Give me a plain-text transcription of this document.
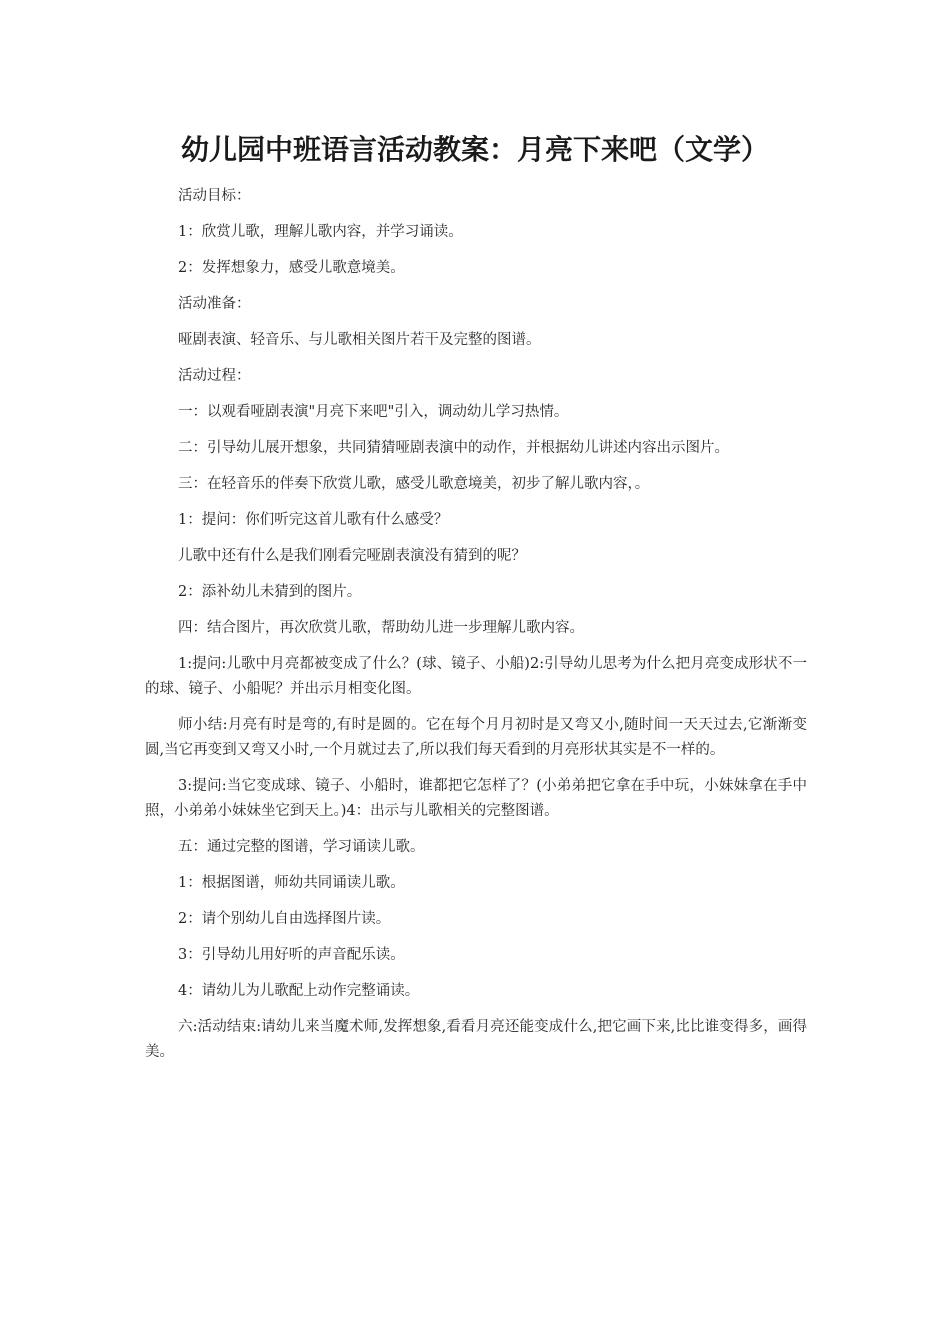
幼儿园中班语言活动教案：月亮下来吧（文学）

活动目标：

1：欣赏儿歌，理解儿歌内容，并学习诵读。

2：发挥想象力，感受儿歌意境美。

活动准备：

哑剧表演、轻音乐、与儿歌相关图片若干及完整的图谱。

活动过程：

一：以观看哑剧表演"月亮下来吧"引入，调动幼儿学习热情。

二：引导幼儿展开想象，共同猜猜哑剧表演中的动作，并根据幼儿讲述内容出示图片。

三：在轻音乐的伴奏下欣赏儿歌，感受儿歌意境美，初步了解儿歌内容，。

1：提问：你们听完这首儿歌有什么感受？

儿歌中还有什么是我们刚看完哑剧表演没有猜到的呢？

2：添补幼儿未猜到的图片。

四：结合图片，再次欣赏儿歌，帮助幼儿进一步理解儿歌内容。

1:提问:儿歌中月亮都被变成了什么？(球、镜子、小船)2:引导幼儿思考为什么把月亮变成形状不一的球、镜子、小船呢？并出示月相变化图。

师小结:月亮有时是弯的,有时是圆的。它在每个月月初时是又弯又小,随时间一天天过去,它渐渐变圆,当它再变到又弯又小时,一个月就过去了,所以我们每天看到的月亮形状其实是不一样的。

3:提问:当它变成球、镜子、小船时，谁都把它怎样了？(小弟弟把它拿在手中玩，小妹妹拿在手中照，小弟弟小妹妹坐它到天上。)4：出示与儿歌相关的完整图谱。

五：通过完整的图谱，学习诵读儿歌。

1：根据图谱，师幼共同诵读儿歌。

2：请个别幼儿自由选择图片读。

3：引导幼儿用好听的声音配乐读。

4：请幼儿为儿歌配上动作完整诵读。

六:活动结束:请幼儿来当魔术师,发挥想象,看看月亮还能变成什么,把它画下来,比比谁变得多，画得美。
